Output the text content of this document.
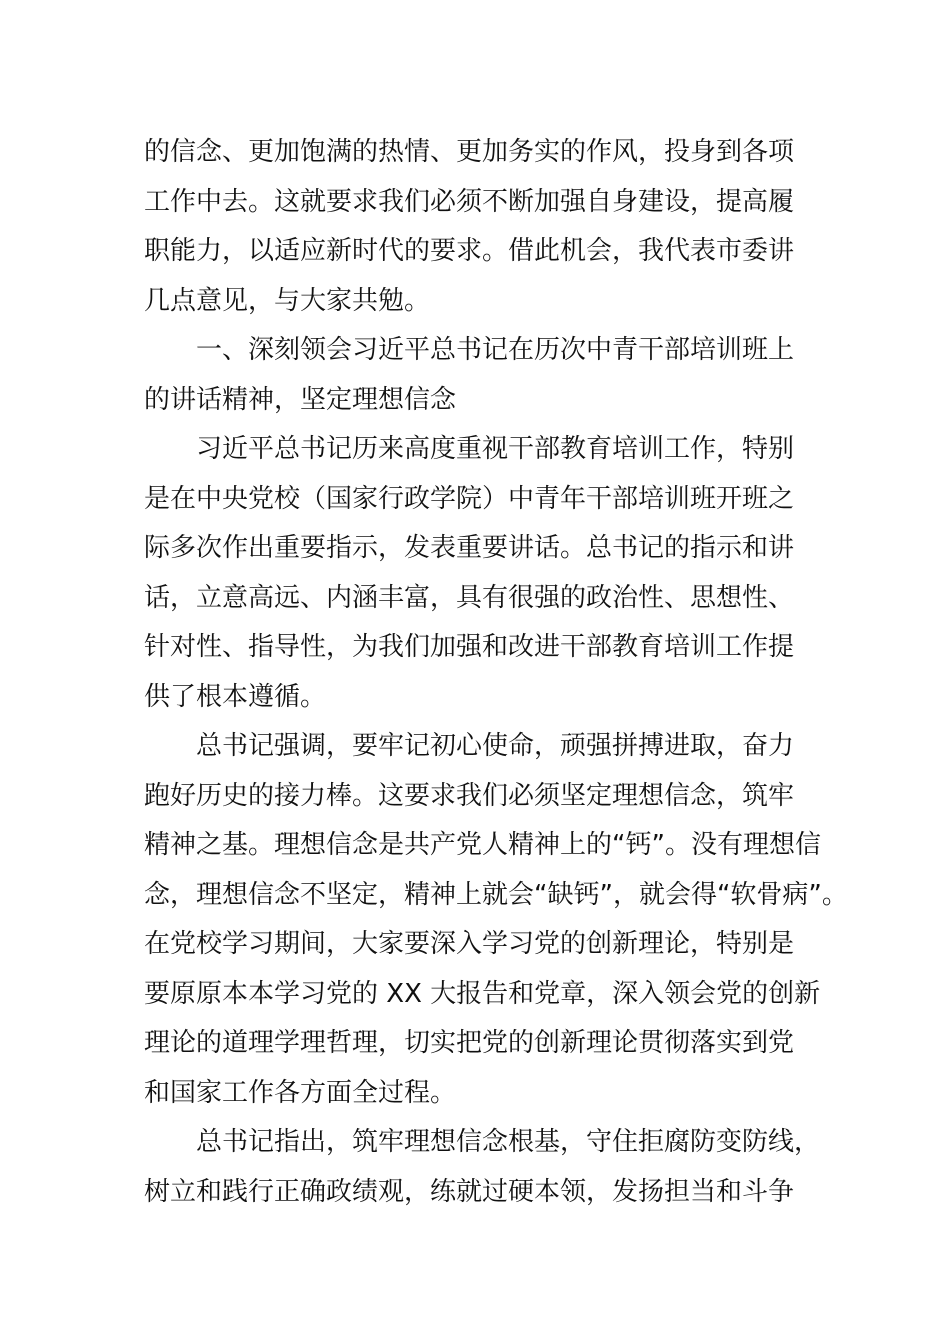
的信念、更加饱满的热情、更加务实的作风，投身到各项
工作中去。这就要求我们必须不断加强自身建设，提高履
职能力，以适应新时代的要求。借此机会，我代表市委讲
几点意见，与大家共勉。
一、深刻领会习近平总书记在历次中青干部培训班上
的讲话精神，坚定理想信念
习近平总书记历来高度重视干部教育培训工作，特别
是在中央党校（国家行政学院）中青年干部培训班开班之
际多次作出重要指示，发表重要讲话。总书记的指示和讲
话，立意高远、内涵丰富，具有很强的政治性、思想性、
针对性、指导性，为我们加强和改进干部教育培训工作提
供了根本遵循。
总书记强调，要牢记初心使命，顽强拼搏进取，奋力
跑好历史的接力棒。这要求我们必须坚定理想信念，筑牢
精神之基。理想信念是共产党人精神上的“钙”。没有理想信
念，理想信念不坚定，精神上就会“缺钙”，就会得“软骨病”。
在党校学习期间，大家要深入学习党的创新理论，特别是
要原原本本学习党的 XX 大报告和党章，深入领会党的创新
理论的道理学理哲理，切实把党的创新理论贯彻落实到党
和国家工作各方面全过程。
总书记指出，筑牢理想信念根基，守住拒腐防变防线，
树立和践行正确政绩观，练就过硬本领，发扬担当和斗争
